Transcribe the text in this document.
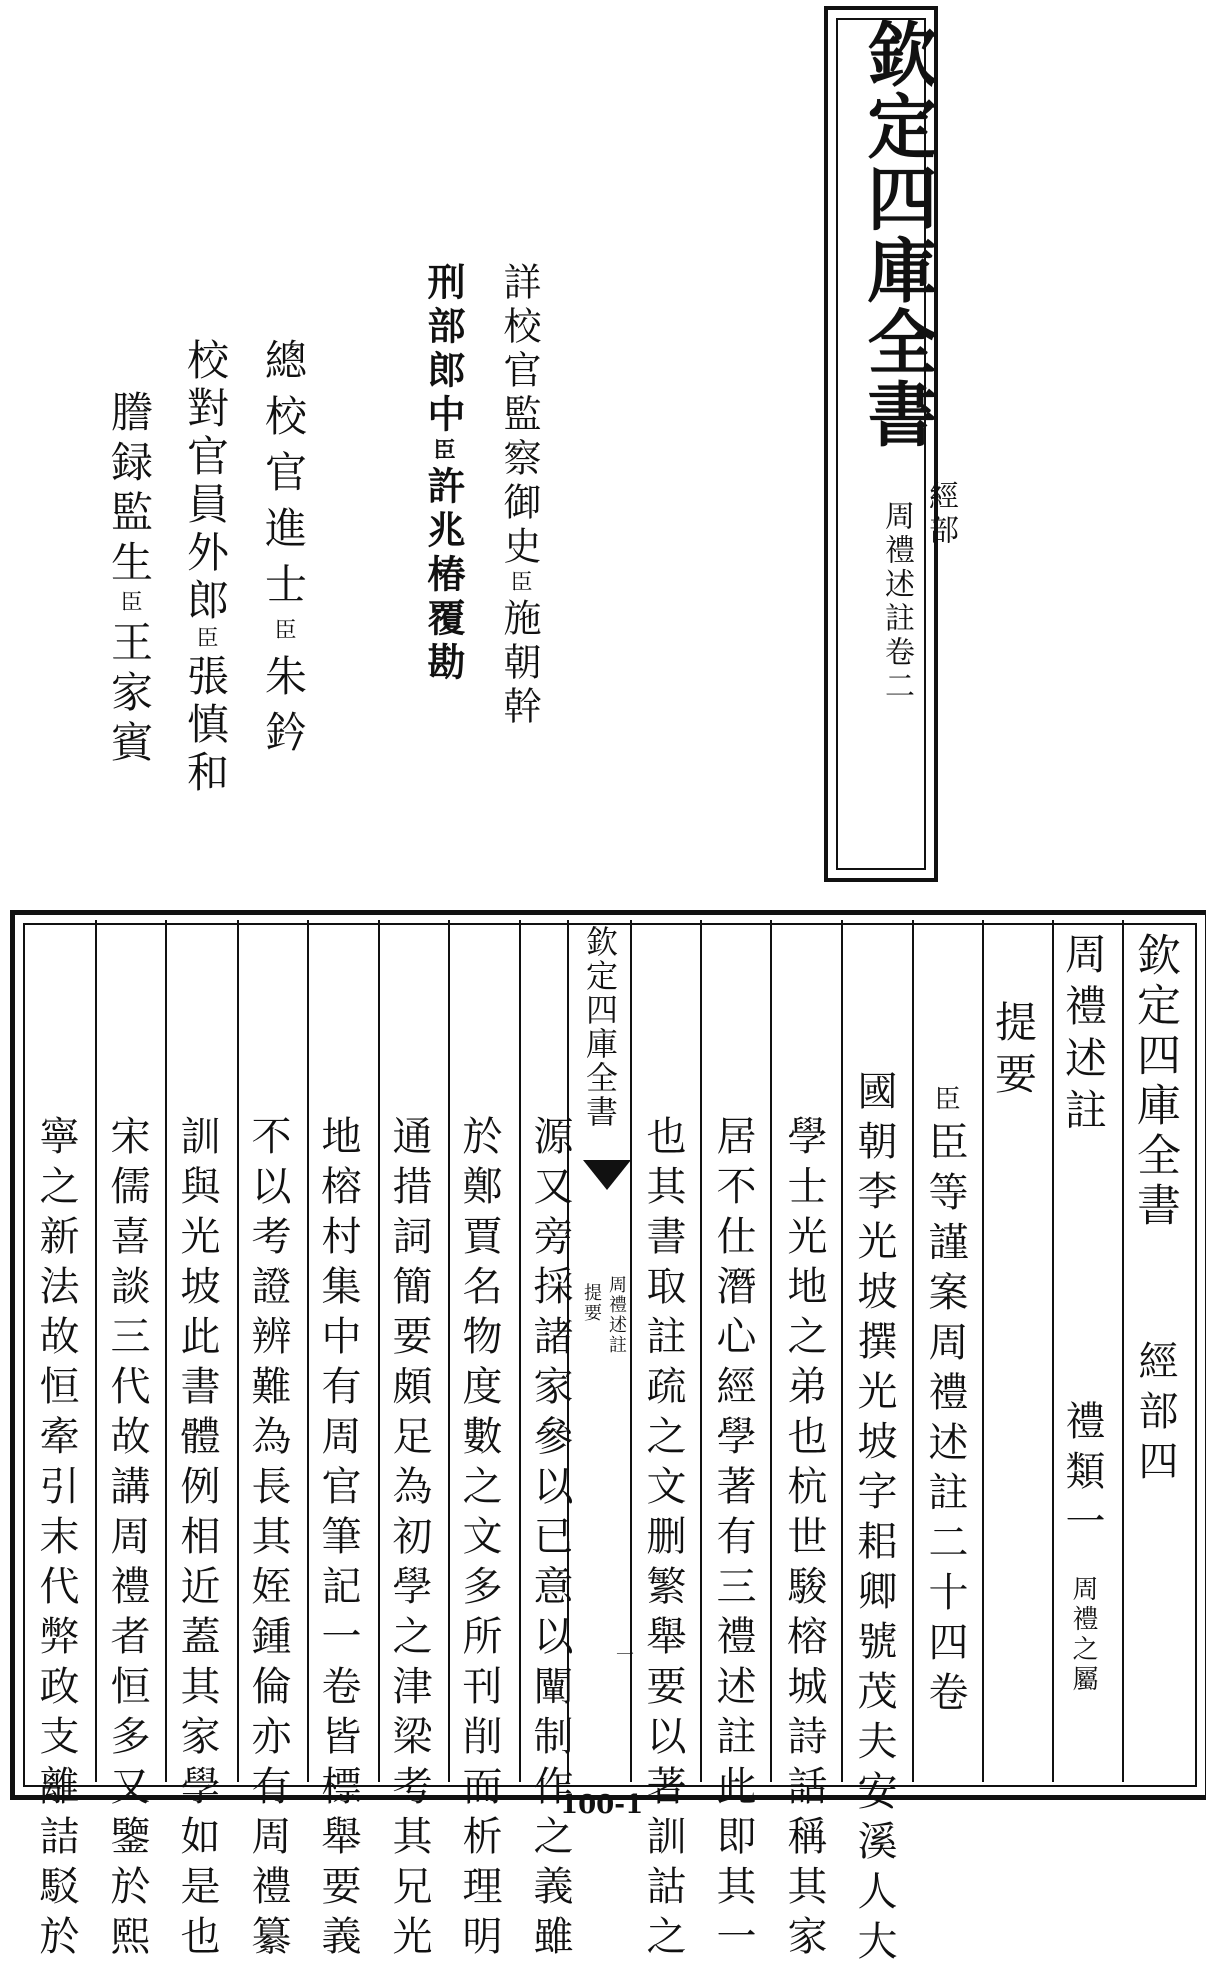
欽定四庫全書
經部
周禮述註卷二
詳校官監察御史臣施朝幹
刑部郎中臣許兆椿覆勘
總校官進士臣朱鈐
校對官員外郎臣張慎和
謄録監生臣王家賓
欽定四庫全書
經部四
周禮述註
禮類一
周禮之屬
提要
臣臣等謹案周禮述註二十四卷
國朝李光坡撰光坡字耜卿號茂夫安溪人大
學士光地之弟也杭世駿榕城詩話稱其家
居不仕潛心經學著有三禮述註此即其一
也其書取註疏之文删繁舉要以著訓詁之
欽定四庫全書
周禮述註
提要
一
源又旁採諸家參以已意以闡制作之義雖
於鄭賈名物度數之文多所刊削而析理明
通措詞簡要頗足為初學之津梁考其兄光
地榕村集中有周官筆記一卷皆標舉要義
不以考證辨難為長其姪鍾倫亦有周禮纂
訓與光坡此書體例相近蓋其家學如是也
宋儒喜談三代故講周禮者恒多又鑒於熙
寧之新法故恒牽引末代弊政支離詰駁於	100-1
